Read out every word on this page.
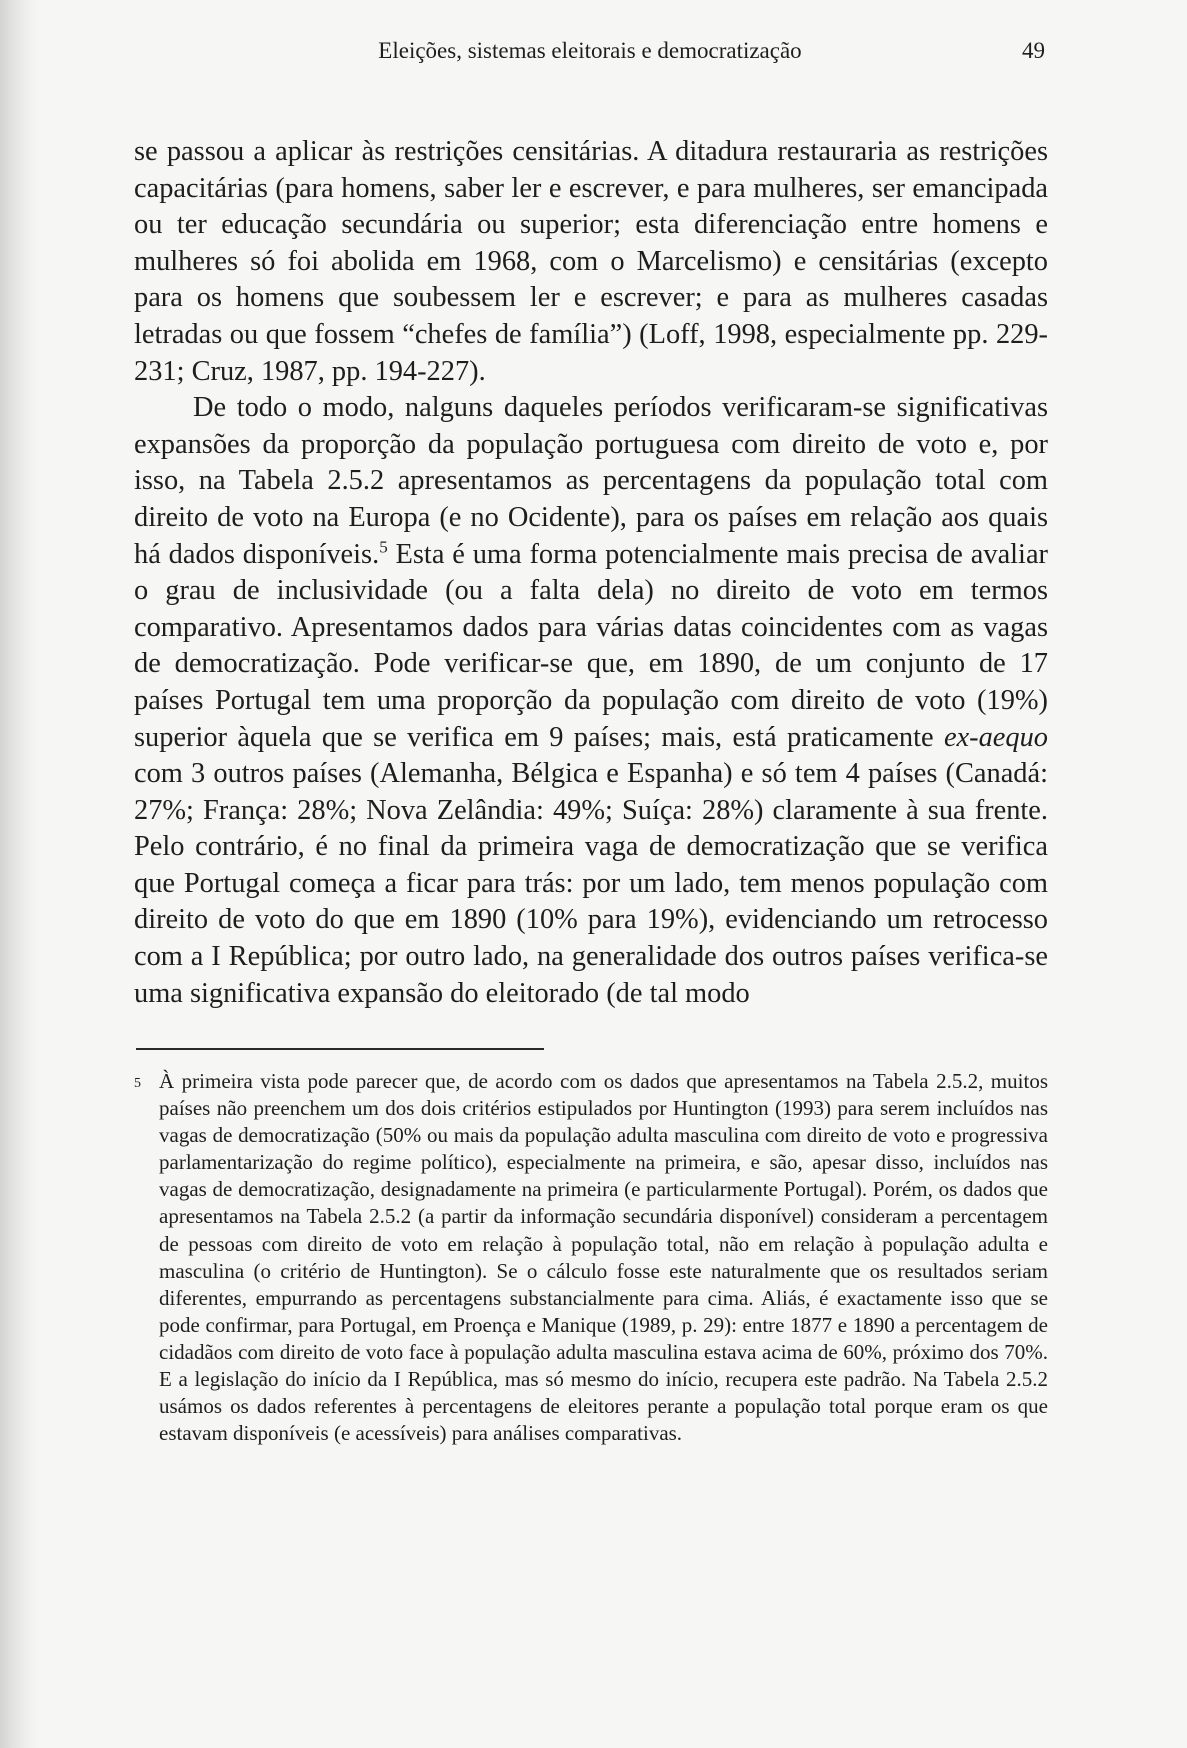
Eleições, sistemas eleitorais e democratização	49

se passou a aplicar às restrições censitárias. A ditadura restauraria as restrições capacitárias (para homens, saber ler e escrever, e para mulheres, ser emancipada ou ter educação secundária ou superior; esta diferenciação entre homens e mulheres só foi abolida em 1968, com o Marcelismo) e censitárias (excepto para os homens que soubessem ler e escrever; e para as mulheres casadas letradas ou que fossem “chefes de família”) (Loff, 1998, especialmente pp. 229-231; Cruz, 1987, pp. 194-227).

De todo o modo, nalguns daqueles períodos verificaram-se significativas expansões da proporção da população portuguesa com direito de voto e, por isso, na Tabela 2.5.2 apresentamos as percentagens da população total com direito de voto na Europa (e no Ocidente), para os países em relação aos quais há dados disponíveis.$^5$ Esta é uma forma potencialmente mais precisa de avaliar o grau de inclusividade (ou a falta dela) no direito de voto em termos comparativo. Apresentamos dados para várias datas coincidentes com as vagas de democratização. Pode verificar-se que, em 1890, de um conjunto de 17 países Portugal tem uma proporção da população com direito de voto (19%) superior àquela que se verifica em 9 países; mais, está praticamente ex-aequo com 3 outros países (Alemanha, Bélgica e Espanha) e só tem 4 países (Canadá: 27%; França: 28%; Nova Zelândia: 49%; Suíça: 28%) claramente à sua frente. Pelo contrário, é no final da primeira vaga de democratização que se verifica que Portugal começa a ficar para trás: por um lado, tem menos população com direito de voto do que em 1890 (10% para 19%), evidenciando um retrocesso com a I República; por outro lado, na generalidade dos outros países verifica-se uma significativa expansão do eleitorado (de tal modo

5 À primeira vista pode parecer que, de acordo com os dados que apresentamos na Tabela 2.5.2, muitos países não preenchem um dos dois critérios estipulados por Huntington (1993) para serem incluídos nas vagas de democratização (50% ou mais da população adulta masculina com direito de voto e progressiva parlamentarização do regime político), especialmente na primeira, e são, apesar disso, incluídos nas vagas de democratização, designadamente na primeira (e particularmente Portugal). Porém, os dados que apresentamos na Tabela 2.5.2 (a partir da informação secundária disponível) consideram a percentagem de pessoas com direito de voto em relação à população total, não em relação à população adulta e masculina (o critério de Huntington). Se o cálculo fosse este naturalmente que os resultados seriam diferentes, empurrando as percentagens substancialmente para cima. Aliás, é exactamente isso que se pode confirmar, para Portugal, em Proença e Manique (1989, p. 29): entre 1877 e 1890 a percentagem de cidadãos com direito de voto face à população adulta masculina estava acima de 60%, próximo dos 70%. E a legislação do início da I República, mas só mesmo do início, recupera este padrão. Na Tabela 2.5.2 usámos os dados referentes à percentagens de eleitores perante a população total porque eram os que estavam disponíveis (e acessíveis) para análises comparativas.
